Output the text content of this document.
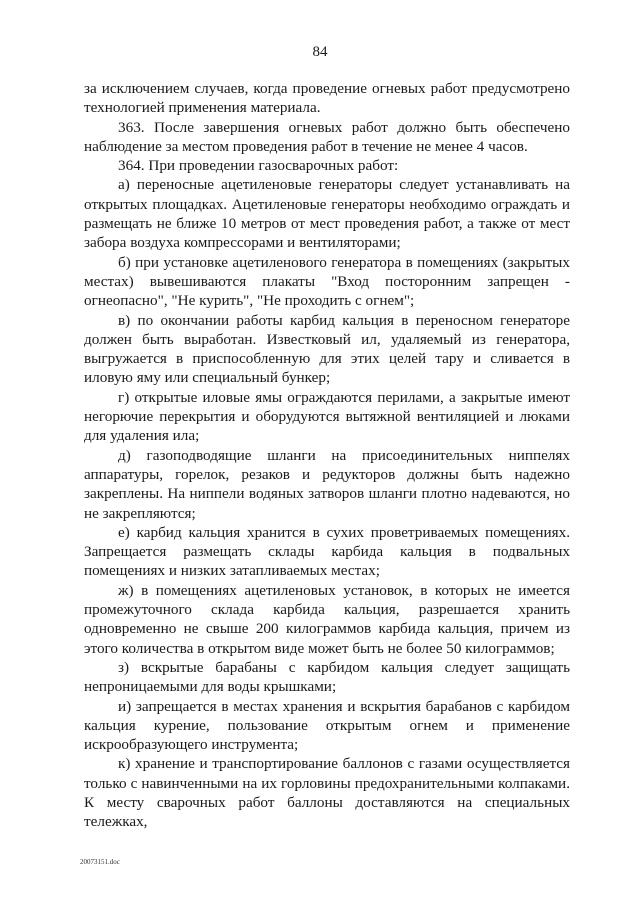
84

за исключением случаев, когда проведение огневых работ предусмотрено технологией применения материала.

363. После завершения огневых работ должно быть обеспечено наблюдение за местом проведения работ в течение не менее 4 часов.

364. При проведении газосварочных работ:

а) переносные ацетиленовые генераторы следует устанавливать на открытых площадках. Ацетиленовые генераторы необходимо ограждать и размещать не ближе 10 метров от мест проведения работ, а также от мест забора воздуха компрессорами и вентиляторами;

б) при установке ацетиленового генератора в помещениях (закрытых местах) вывешиваются плакаты "Вход посторонним запрещен - огнеопасно", "Не курить", "Не проходить с огнем";

в) по окончании работы карбид кальция в переносном генераторе должен быть выработан. Известковый ил, удаляемый из генератора, выгружается в приспособленную для этих целей тару и сливается в иловую яму или специальный бункер;

г) открытые иловые ямы ограждаются перилами, а закрытые имеют негорючие перекрытия и оборудуются вытяжной вентиляцией и люками для удаления ила;

д) газоподводящие шланги на присоединительных ниппелях аппаратуры, горелок, резаков и редукторов должны быть надежно закреплены. На ниппели водяных затворов шланги плотно надеваются, но не закрепляются;

е) карбид кальция хранится в сухих проветриваемых помещениях. Запрещается размещать склады карбида кальция в подвальных помещениях и низких затапливаемых местах;

ж) в помещениях ацетиленовых установок, в которых не имеется промежуточного склада карбида кальция, разрешается хранить одновременно не свыше 200 килограммов карбида кальция, причем из этого количества в открытом виде может быть не более 50 килограммов;

з) вскрытые барабаны с карбидом кальция следует защищать непроницаемыми для воды крышками;

и) запрещается в местах хранения и вскрытия барабанов с карбидом кальция курение, пользование открытым огнем и применение искрообразующего инструмента;

к) хранение и транспортирование баллонов с газами осуществляется только с навинченными на их горловины предохранительными колпаками. К месту сварочных работ баллоны доставляются на специальных тележках,

20073151.doc
